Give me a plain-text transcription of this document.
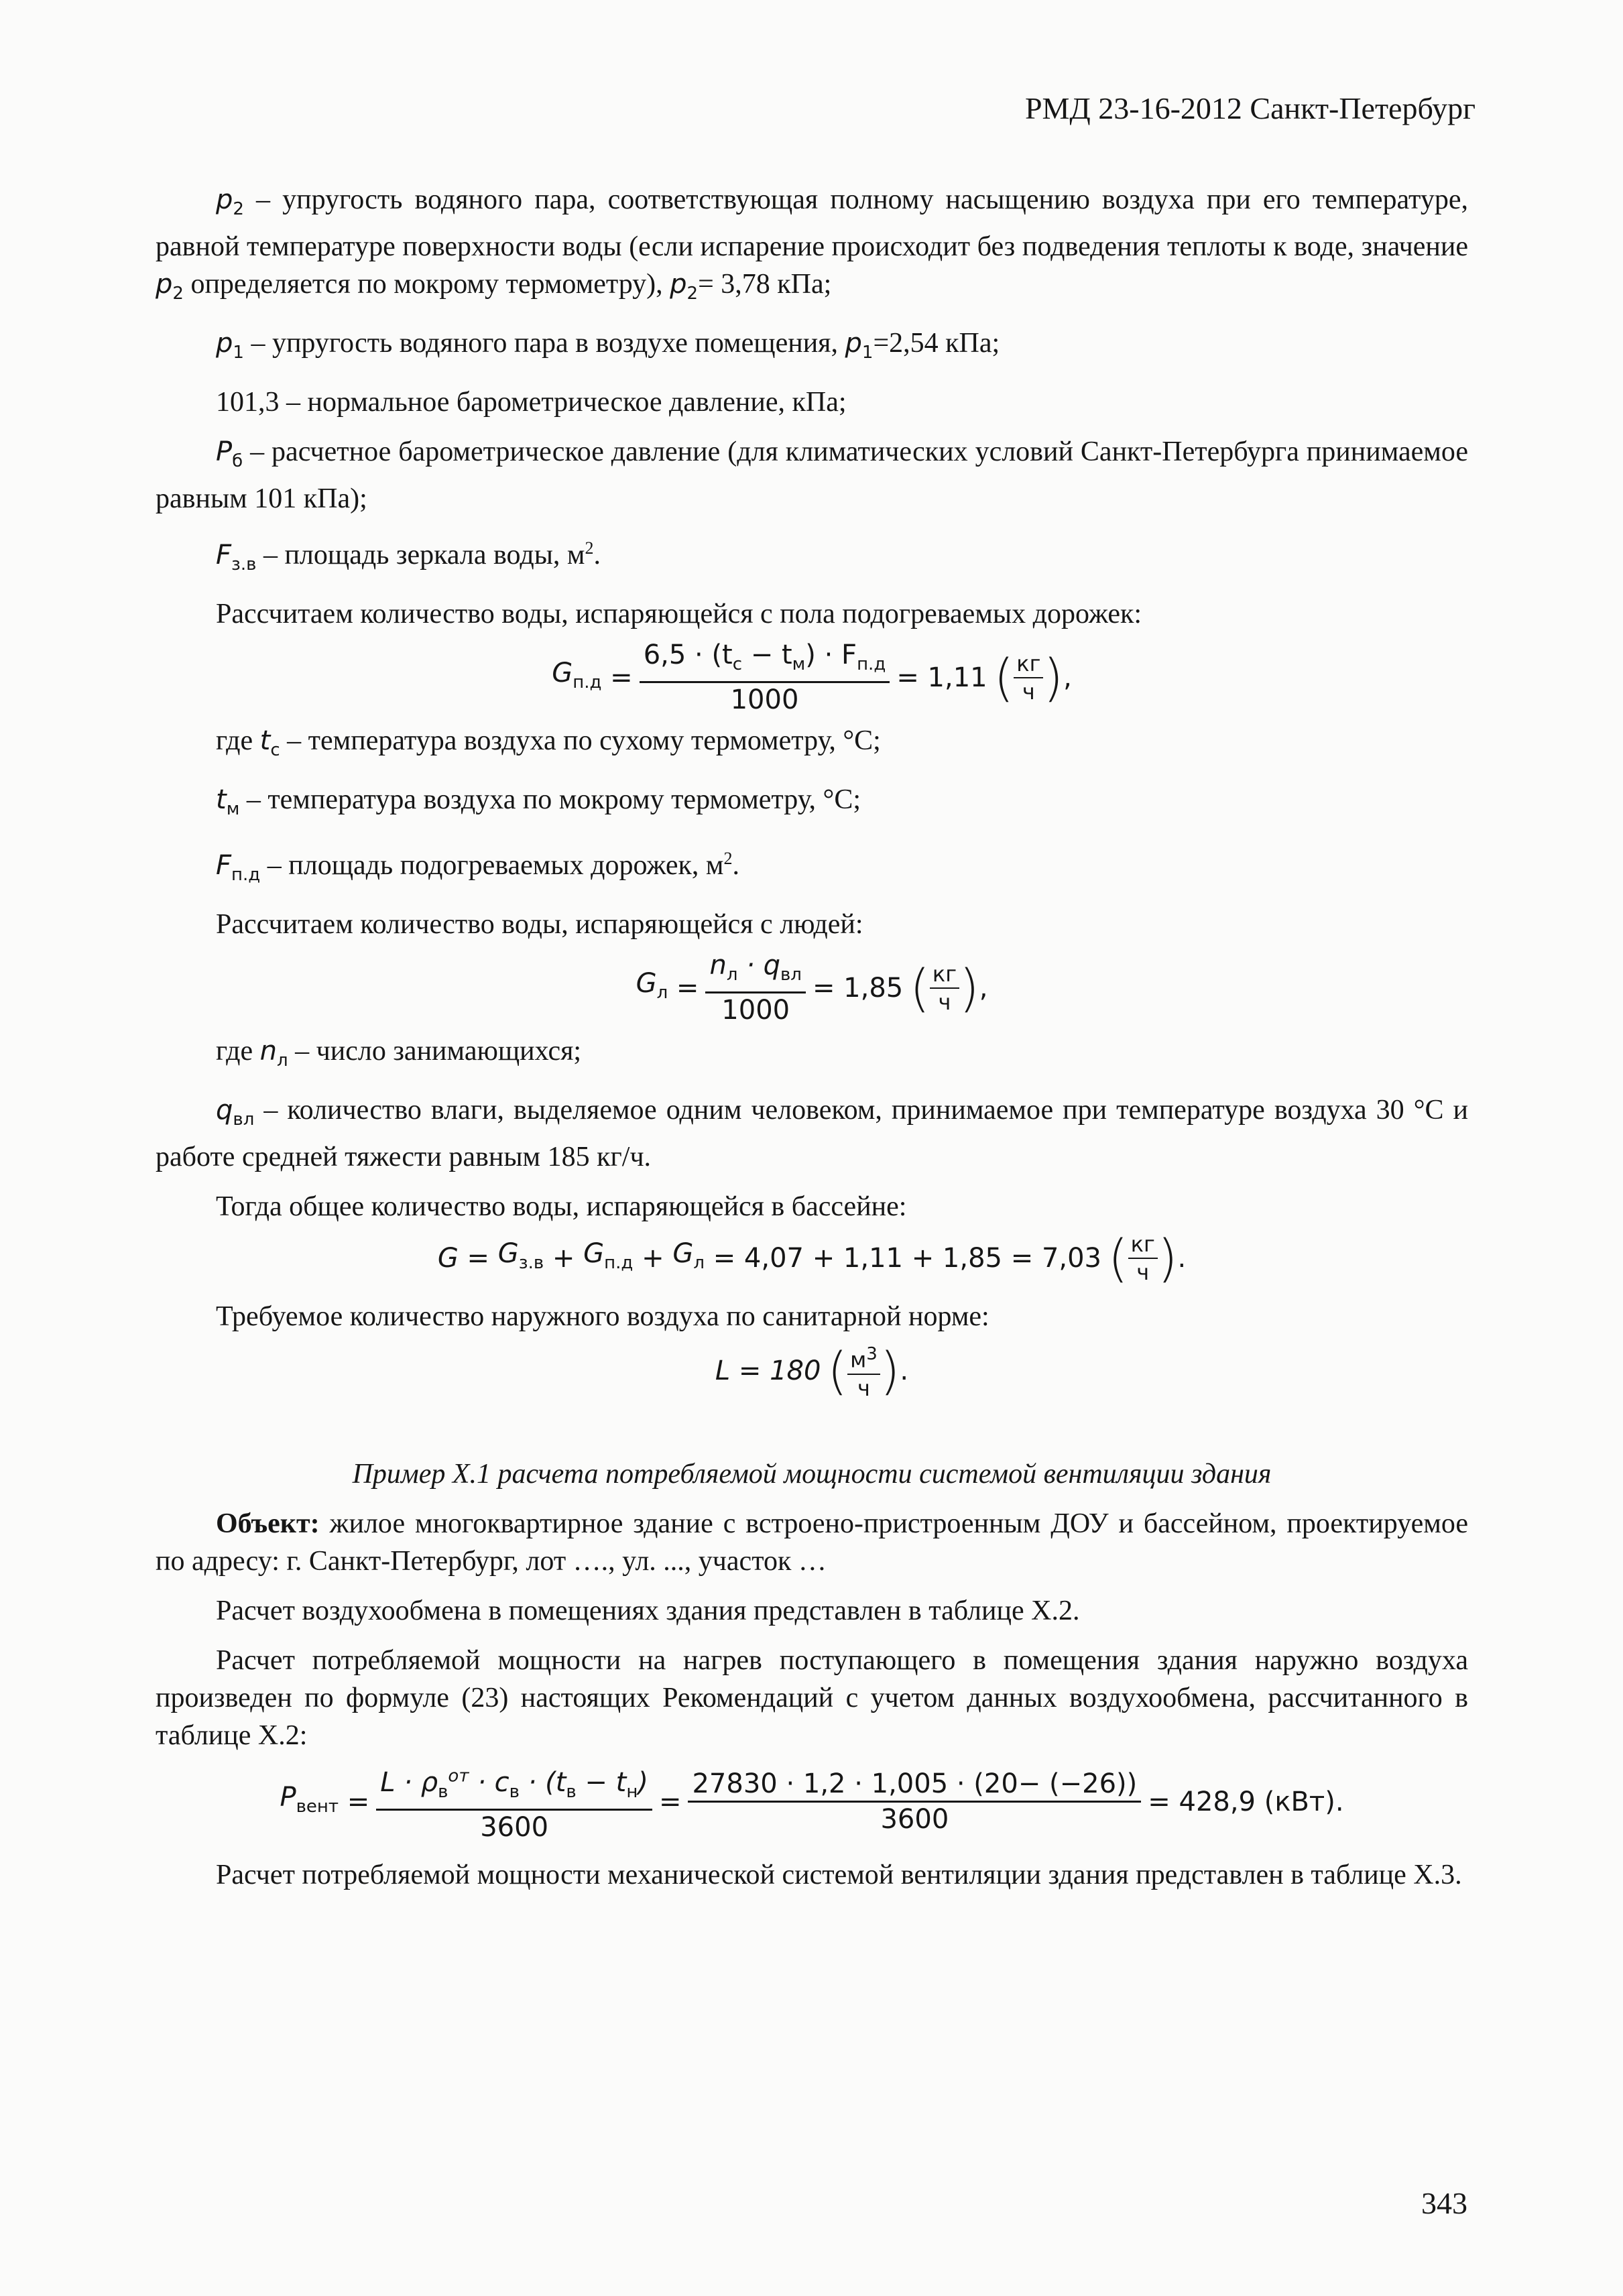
РМД 23-16-2012 Санкт-Петербург

$p_2$ – упругость водяного пара, соответствующая полному насыщению воздуха при его температуре, равной температуре поверхности воды (если испарение происходит без подведения теплоты к воде, значение $p_2$ определяется по мокрому термометру), $p_2= 3,78$ кПа;

$p_1$ – упругость водяного пара в воздухе помещения, $p_1=2,54$ кПа;

101,3 – нормальное барометрическое давление, кПа;

$P_б$ – расчетное барометрическое давление (для климатических условий Санкт-Петербурга принимаемое равным 101 кПа);

$F_{з.в}$ – площадь зеркала воды, $м^2$.

Рассчитаем количество воды, испаряющейся с пола подогреваемых дорожек:

$G_{п.д} = \frac{6,5 \cdot (t_c - t_м) \cdot F_{п.д}}{1000} = 1,11$ ( $\frac{кг}{ч}$ ) ,

где $t_c$ – температура воздуха по сухому термометру, °С;

$t_м$ – температура воздуха по мокрому термометру, °С;

$F_{п.д}$ – площадь подогреваемых дорожек, $м^2$.

Рассчитаем количество воды, испаряющейся с людей:

$G_л = \frac{n_л \cdot q_{вл}}{1000} = 1,85$ ( $\frac{кг}{ч}$ ) ,

где $n_л$ – число занимающихся;

$q_{вл}$ – количество влаги, выделяемое одним человеком, принимаемое при температуре воздуха 30 °С и работе средней тяжести равным 185 кг/ч.

Тогда общее количество воды, испаряющейся в бассейне:

$G = G_{з.в} + G_{п.д} + G_л$
= 4,07 + 1,11 + 1,85 = 7,03 ( $\frac{кг}{ч}$ ) .

Требуемое количество наружного воздуха по санитарной норме:

L = 180 ( $\frac{м^3}{ч}$ ) .

Пример Х.1 расчета потребляемой мощности системой вентиляции здания

Объект: жилое многоквартирное здание с встроено-пристроенным ДОУ и бассейном, проектируемое по адресу: г. Санкт-Петербург, лот …., ул. ..., участок …

Расчет воздухообмена в помещениях здания представлен в таблице Х.2.

Расчет потребляемой мощности на нагрев поступающего в помещения здания наружно воздуха произведен по формуле (23) настоящих Рекомендаций с учетом данных воздухообмена, рассчитанного в таблице Х.2:

$P_{вент} = \frac{L \cdot \rho_в^{от} \cdot c_в \cdot (t_в - t_н)}{3600} = \frac{27830 \cdot 1,2 \cdot 1,005 \cdot (20- (-26))}{3600} = 428,9$ (кВт).

Расчет потребляемой мощности механической системой вентиляции здания представлен в таблице Х.3.

343
